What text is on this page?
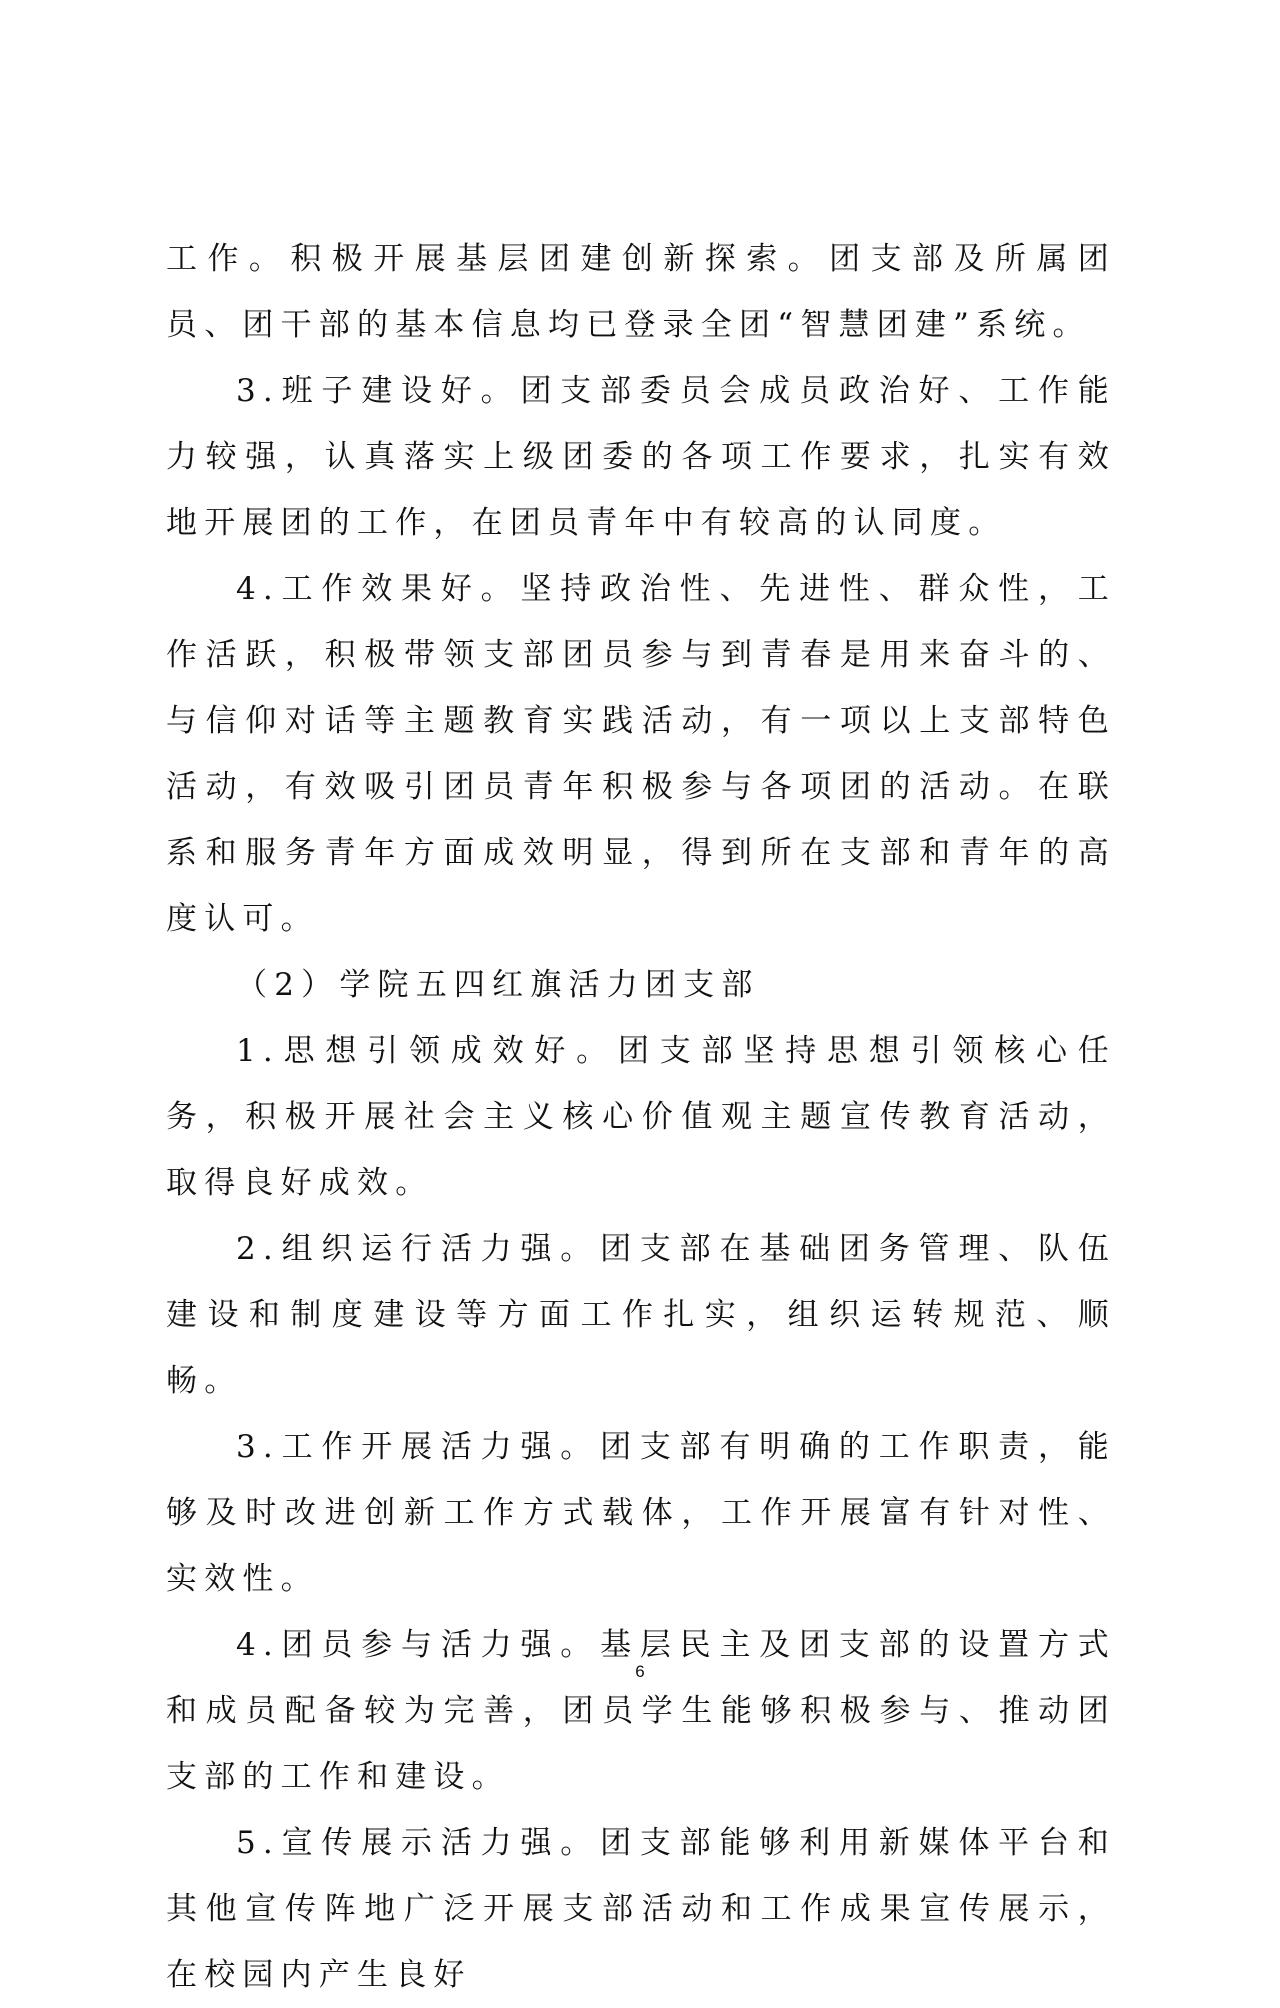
工作。积极开展基层团建创新探索。团支部及所属团员、团干部的基本信息均已登录全团“智慧团建”系统。

3.班子建设好。团支部委员会成员政治好、工作能力较强，认真落实上级团委的各项工作要求，扎实有效地开展团的工作，在团员青年中有较高的认同度。

4.工作效果好。坚持政治性、先进性、群众性，工作活跃，积极带领支部团员参与到青春是用来奋斗的、与信仰对话等主题教育实践活动，有一项以上支部特色活动，有效吸引团员青年积极参与各项团的活动。在联系和服务青年方面成效明显，得到所在支部和青年的高度认可。

（2）学院五四红旗活力团支部

1.思想引领成效好。团支部坚持思想引领核心任务，积极开展社会主义核心价值观主题宣传教育活动，取得良好成效。

2.组织运行活力强。团支部在基础团务管理、队伍建设和制度建设等方面工作扎实，组织运转规范、顺畅。

3.工作开展活力强。团支部有明确的工作职责，能够及时改进创新工作方式载体，工作开展富有针对性、实效性。

4.团员参与活力强。基层民主及团支部的设置方式和成员配备较为完善，团员学生能够积极参与、推动团支部的工作和建设。

5.宣传展示活力强。团支部能够利用新媒体平台和其他宣传阵地广泛开展支部活动和工作成果宣传展示，在校园内产生良好

6
